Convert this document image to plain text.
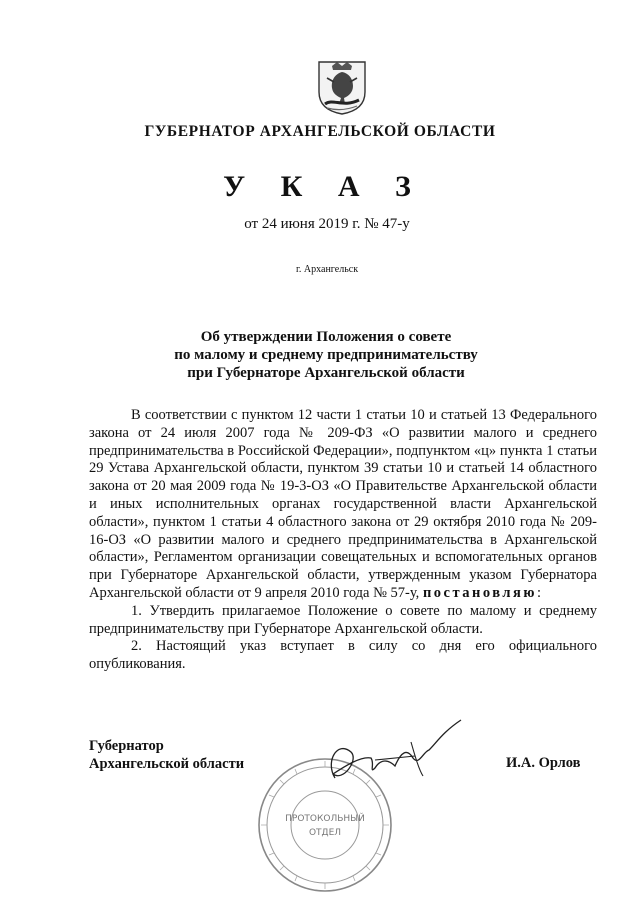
ГУБЕРНАТОР АРХАНГЕЛЬСКОЙ ОБЛАСТИ
У К А З
от 24 июня 2019 г. № 47-у
г. Архангельск
Об утверждении Положения о совете
по малому и среднему предпринимательству
при Губернаторе Архангельской области

В соответствии с пунктом 12 части 1 статьи 10 и статьей 13 Федерального закона от 24 июля 2007 года № 209-ФЗ «О развитии малого и среднего предпринимательства в Российской Федерации», подпунктом «ц» пункта 1 статьи 29 Устава Архангельской области, пунктом 39 статьи 10 и статьей 14 областного закона от 20 мая 2009 года № 19-3-ОЗ «О Правительстве Архангельской области и иных исполнительных органах государственной власти Архангельской области», пунктом 1 статьи 4 областного закона от 29 октября 2010 года № 209-16-ОЗ «О развитии малого и среднего предпринимательства в Архангельской области», Регламентом организации совещательных и вспомогательных органов при Губернаторе Архангельской области, утвержденным указом Губернатора Архангельской области от 9 апреля 2010 года № 57-у, постановляю:

1. Утвердить прилагаемое Положение о совете по малому и среднему предпринимательству при Губернаторе Архангельской области.

2. Настоящий указ вступает в силу со дня его официального опубликования.

ПРОТОКОЛЬНЫЙ
ОТДЕЛ
Губернатор
Архангельской области	И.А. Орлов
